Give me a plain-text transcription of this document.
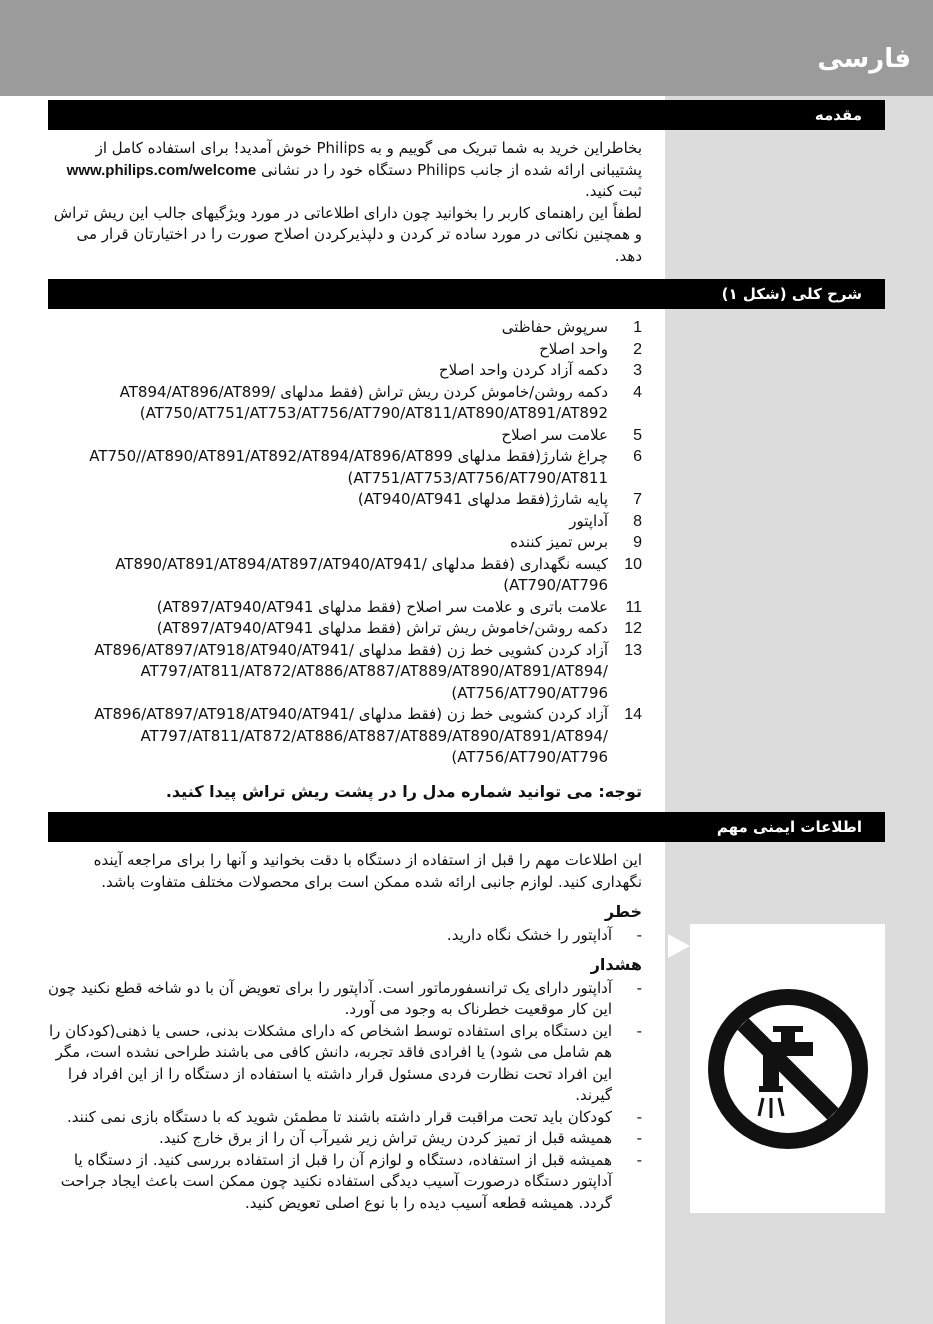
فارسی
مقدمه

بخاطراین خرید به شما تبریک می گوییم و به Philips خوش آمدید! برای استفاده کامل از پشتیبانی ارائه شده از جانب Philips دستگاه خود را در نشانی www.philips.com/welcome ثبت کنید.

لطفاً این راهنمای کاربر را بخوانید چون دارای اطلاعاتی در مورد ویژگیهای جالب این ریش تراش و همچنین نکاتی در مورد ساده تر کردن و دلپذیرکردن اصلاح صورت را در اختیارتان قرار می دهد.

شرح کلی (شکل ۱)
1
سرپوش حفاظتی
2
واحد اصلاح
3
دکمه آزاد کردن واحد اصلاح
4
دکمه روشن/خاموش کردن ریش تراش (فقط مدلهای AT894/AT896/AT899/ AT750/AT751/AT753/AT756/AT790/AT811/AT890/AT891/AT892)
5
علامت سر اصلاح
6
چراغ شارژ(فقط مدلهای AT750//AT890/AT891/AT892/AT894/AT896/AT899 (AT751/AT753/AT756/AT790/AT811
7
پایه شارژ(فقط مدلهای AT940/AT941)
8
آداپتور
9
برس تمیز کننده
10
کیسه نگهداری (فقط مدلهای AT890/AT891/AT894/AT897/AT940/AT941/ AT790/AT796)
11
علامت باتری و علامت سر اصلاح (فقط مدلهای AT897/AT940/AT941)
12
دکمه روشن/خاموش ریش تراش (فقط مدلهای AT897/AT940/AT941)
13
آزاد کردن کشویی خط زن (فقط مدلهای AT896/AT897/AT918/AT940/AT941/ AT797/AT811/AT872/AT886/AT887/AT889/AT890/AT891/AT894/ AT756/AT790/AT796)
14
آزاد کردن کشویی خط زن (فقط مدلهای AT896/AT897/AT918/AT940/AT941/ AT797/AT811/AT872/AT886/AT887/AT889/AT890/AT891/AT894/ AT756/AT790/AT796)
توجه: می توانید شماره مدل را در پشت ریش تراش پیدا کنید.
اطلاعات ایمنی مهم

این اطلاعات مهم را قبل از استفاده از دستگاه با دقت بخوانید و آنها را برای مراجعه آینده نگهداری کنید. لوازم جانبی ارائه شده ممکن است برای محصولات مختلف متفاوت باشد.

خطر
-
آداپتور را خشک نگاه دارید.
هشدار
-
آداپتور دارای یک ترانسفورماتور است. آداپتور را برای تعویض آن با دو شاخه قطع نکنید چون این کار موقعیت خطرناک به وجود می آورد.
-
این دستگاه برای استفاده توسط اشخاص که دارای مشکلات بدنی، حسی یا ذهنی(کودکان را هم شامل می شود) یا افرادی فاقد تجربه، دانش کافی می باشند طراحی نشده است، مگر این افراد تحت نظارت فردی مسئول قرار داشته یا استفاده از دستگاه را از این افراد فرا گیرند.
-
کودکان باید تحت مراقبت قرار داشته باشند تا مطمئن شوید که با دستگاه بازی نمی کنند.
-
همیشه قبل از تمیز کردن ریش تراش زیر شیرآب آن را از برق خارج کنید.
-
همیشه قبل از استفاده، دستگاه و لوازم آن را قبل از استفاده بررسی کنید. از دستگاه یا آداپتور دستگاه درصورت آسیب دیدگی استفاده نکنید چون ممکن است باعث ایجاد جراحت گردد. همیشه قطعه آسیب دیده را با نوع اصلی تعویض کنید.
